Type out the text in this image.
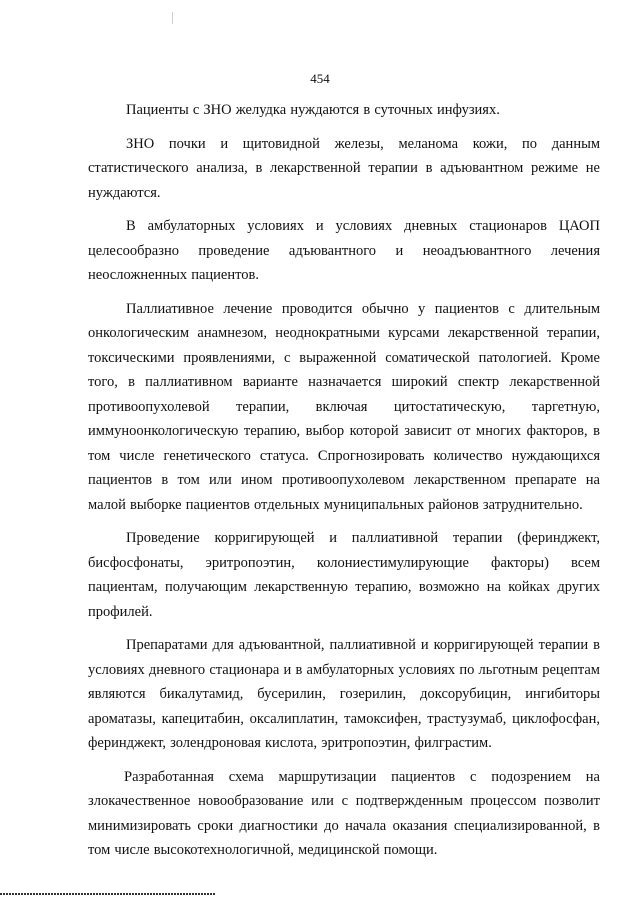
454

Пациенты с ЗНО желудка нуждаются в суточных инфузиях.

ЗНО почки и щитовидной железы, меланома кожи, по данным статистического анализа, в лекарственной терапии в адъювантном режиме не нуждаются.

В амбулаторных условиях и условиях дневных стационаров ЦАОП целесообразно проведение адъювантного и неоадъювантного лечения неосложненных пациентов.

Паллиативное лечение проводится обычно у пациентов с длительным онкологическим анамнезом, неоднократными курсами лекарственной терапии, токсическими проявлениями, с выраженной соматической патологией. Кроме того, в паллиативном варианте назначается широкий спектр лекарственной противоопухолевой терапии, включая цитостатическую, таргетную, иммуноонкологическую терапию, выбор которой зависит от многих факторов, в том числе генетического статуса. Спрогнозировать количество нуждающихся пациентов в том или ином противоопухолевом лекарственном препарате на малой выборке пациентов отдельных муниципальных районов затруднительно.

Проведение корригирующей и паллиативной терапии (феринджект, бисфосфонаты, эритропоэтин, колониестимулирующие факторы) всем пациентам, получающим лекарственную терапию, возможно на койках других профилей.

Препаратами для адъювантной, паллиативной и корригирующей терапии в условиях дневного стационара и в амбулаторных условиях по льготным рецептам являются бикалутамид, бусерилин, гозерилин, доксорубицин, ингибиторы ароматазы, капецитабин, оксалиплатин, тамоксифен, трастузумаб, циклофосфан, феринджект, золендроновая кислота, эритропоэтин, филграстим.

Разработанная схема маршрутизации пациентов с подозрением на злокачественное новообразование или с подтвержденным процессом позволит минимизировать сроки диагностики до начала оказания специализированной, в том числе высокотехнологичной, медицинской помощи.
